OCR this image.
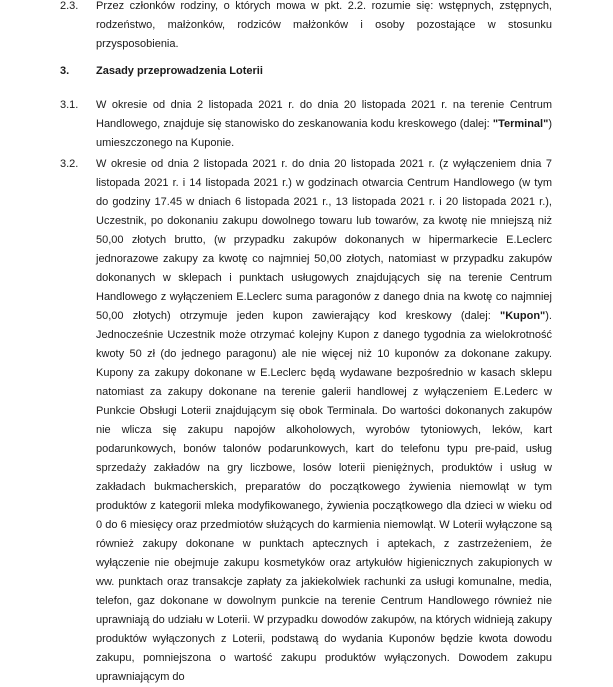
2.3. Przez członków rodziny, o których mowa w pkt. 2.2. rozumie się: wstępnych, zstępnych, rodzeństwo, małżonków, rodziców małżonków i osoby pozostające w stosunku przysposobienia.
3. Zasady przeprowadzenia Loterii
3.1. W okresie od dnia 2 listopada 2021 r. do dnia 20 listopada 2021 r. na terenie Centrum Handlowego, znajduje się stanowisko do zeskanowania kodu kreskowego (dalej: "Terminal") umieszczonego na Kuponie.
3.2. W okresie od dnia 2 listopada 2021 r. do dnia 20 listopada 2021 r. (z wyłączeniem dnia 7 listopada 2021 r. i 14 listopada 2021 r.) w godzinach otwarcia Centrum Handlowego (w tym do godziny 17.45 w dniach 6 listopada 2021 r., 13 listopada 2021 r. i 20 listopada 2021 r.), Uczestnik, po dokonaniu zakupu dowolnego towaru lub towarów, za kwotę nie mniejszą niż 50,00 złotych brutto, (w przypadku zakupów dokonanych w hipermarkecie E.Leclerc jednorazowe zakupy za kwotę co najmniej 50,00 złotych, natomiast w przypadku zakupów dokonanych w sklepach i punktach usługowych znajdujących się na terenie Centrum Handlowego z wyłączeniem E.Leclerc suma paragonów z danego dnia na kwotę co najmniej 50,00 złotych) otrzymuje jeden kupon zawierający kod kreskowy (dalej: "Kupon"). Jednocześnie Uczestnik może otrzymać kolejny Kupon z danego tygodnia za wielokrotność kwoty 50 zł (do jednego paragonu) ale nie więcej niż 10 kuponów za dokonane zakupy. Kupony za zakupy dokonane w E.Leclerc będą wydawane bezpośrednio w kasach sklepu natomiast za zakupy dokonane na terenie galerii handlowej z wyłączeniem E.Lederc w Punkcie Obsługi Loterii znajdującym się obok Terminala. Do wartości dokonanych zakupów nie wlicza się zakupu napojów alkoholowych, wyrobów tytoniowych, leków, kart podarunkowych, bonów talonów podarunkowych, kart do telefonu typu pre-paid, usług sprzedaży zakładów na gry liczbowe, losów loterii pieniężnych, produktów i usług w zakładach bukmacherskich, preparatów do początkowego żywienia niemowląt w tym produktów z kategorii mleka modyfikowanego, żywienia początkowego dla dzieci w wieku od 0 do 6 miesięcy oraz przedmiotów służących do karmienia niemowląt. W Loterii wyłączone są również zakupy dokonane w punktach aptecznych i aptekach, z zastrzeżeniem, że wyłączenie nie obejmuje zakupu kosmetyków oraz artykułów higienicznych zakupionych w ww. punktach oraz transakcje zapłaty za jakiekolwiek rachunki za usługi komunalne, media, telefon, gaz dokonane w dowolnym punkcie na terenie Centrum Handlowego również nie uprawniają do udziału w Loterii. W przypadku dowodów zakupów, na których widnieją zakupy produktów wyłączonych z Loterii, podstawą do wydania Kuponów będzie kwota dowodu zakupu, pomniejszona o wartość zakupu produktów wyłączonych. Dowodem zakupu uprawniającym do
